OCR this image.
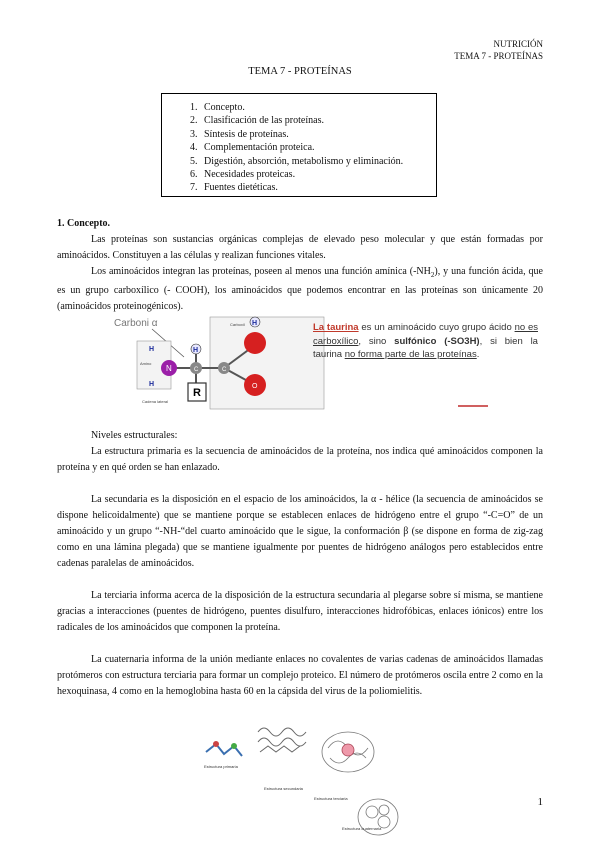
NUTRICIÓN
TEMA 7 - PROTEÍNAS
TEMA 7 - PROTEÍNAS
1. Concepto.
2. Clasificación de las proteínas.
3. Síntesis de proteínas.
4. Complementación proteica.
5. Digestión, absorción, metabolismo y eliminación.
6. Necesidades proteicas.
7. Fuentes dietéticas.

1. Concepto.

Las proteínas son sustancias orgánicas complejas de elevado peso molecular y que están formadas por aminoácidos. Constituyen a las células y realizan funciones vitales.

Los aminoácidos integran las proteínas, poseen al menos una función amínica $(-NH_2)$, y una función ácida, que es un grupo carboxílico (- COOH), los aminoácidos que podemos encontrar en las proteínas son únicamente 20 (aminoácidos proteinogénicos).

Carboni α
N	C	C
O
H
H
H
H
R
Amino
Carboxil
Cadena lateral
La taurina es un aminoácido cuyo grupo ácido no es carboxílico, sino sulfónico (-SO3H), si bien la taurina no forma parte de las proteínas.

Niveles estructurales:

La estructura primaria es la secuencia de aminoácidos de la proteína, nos indica qué aminoácidos componen la proteína y en qué orden se han enlazado.

La secundaria es la disposición en el espacio de los aminoácidos, la α - hélice (la secuencia de aminoácidos se dispone helicoidalmente) que se mantiene porque se establecen enlaces de hidrógeno entre el grupo “-C=O” de un aminoácido y un grupo “-NH-“del cuarto aminoácido que le sigue, la conformación β (se dispone en forma de zig-zag como en una lámina plegada) que se mantiene igualmente por puentes de hidrógeno análogos pero establecidos entre cadenas paralelas de aminoácidos.

La terciaria informa acerca de la disposición de la estructura secundaria al plegarse sobre sí misma, se mantiene gracias a interacciones (puentes de hidrógeno, puentes disulfuro, interacciones hidrofóbicas, enlaces iónicos) entre los radicales de los aminoácidos que componen la proteína.

La cuaternaria informa de la unión mediante enlaces no covalentes de varias cadenas de aminoácidos llamadas protómeros con estructura terciaria para formar un complejo proteico. El número de protómeros oscila entre 2 como en la hexoquinasa, 4 como en la hemoglobina hasta 60 en la cápsida del virus de la poliomielitis.

Estructura primaria
Estructura secundaria
Estructura terciaria
Estructura cuaternaria
1
